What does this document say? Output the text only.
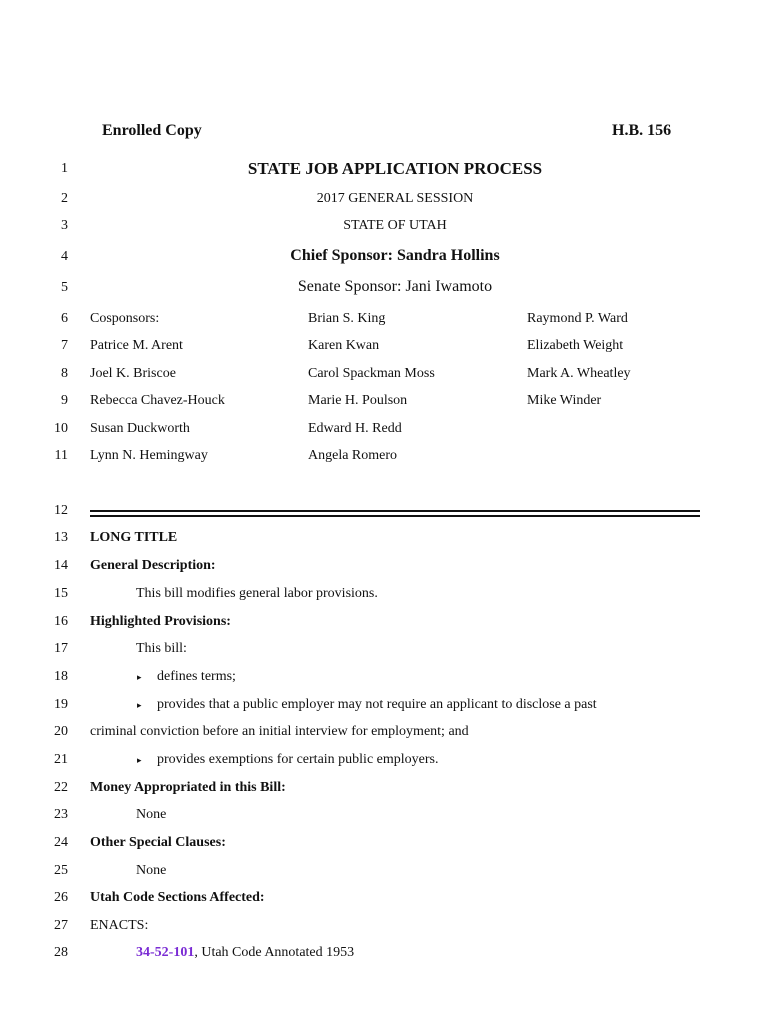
Enrolled Copy	H.B. 156
1
2
3
4
5
6
7
8
9
10
11
12
13
14
15
16
17
18
19
20
21
22
23
24
25
26
27
28
STATE JOB APPLICATION PROCESS
2017 GENERAL SESSION
STATE OF UTAH
Chief Sponsor: Sandra Hollins
Senate Sponsor: Jani Iwamoto
Cosponsors:
Patrice M. Arent
Joel K. Briscoe
Rebecca Chavez-Houck
Susan Duckworth
Lynn N. Hemingway
Brian S. King
Karen Kwan
Carol Spackman Moss
Marie H. Poulson
Edward H. Redd
Angela Romero
Raymond P. Ward
Elizabeth Weight
Mark A. Wheatley
Mike Winder
LONG TITLE
General Description:
This bill modifies general labor provisions.
Highlighted Provisions:
This bill:
▸ defines terms;
▸ provides that a public employer may not require an applicant to disclose a past
criminal conviction before an initial interview for employment; and
▸ provides exemptions for certain public employers.
Money Appropriated in this Bill:
None
Other Special Clauses:
None
Utah Code Sections Affected:
ENACTS:
34-52-101, Utah Code Annotated 1953
